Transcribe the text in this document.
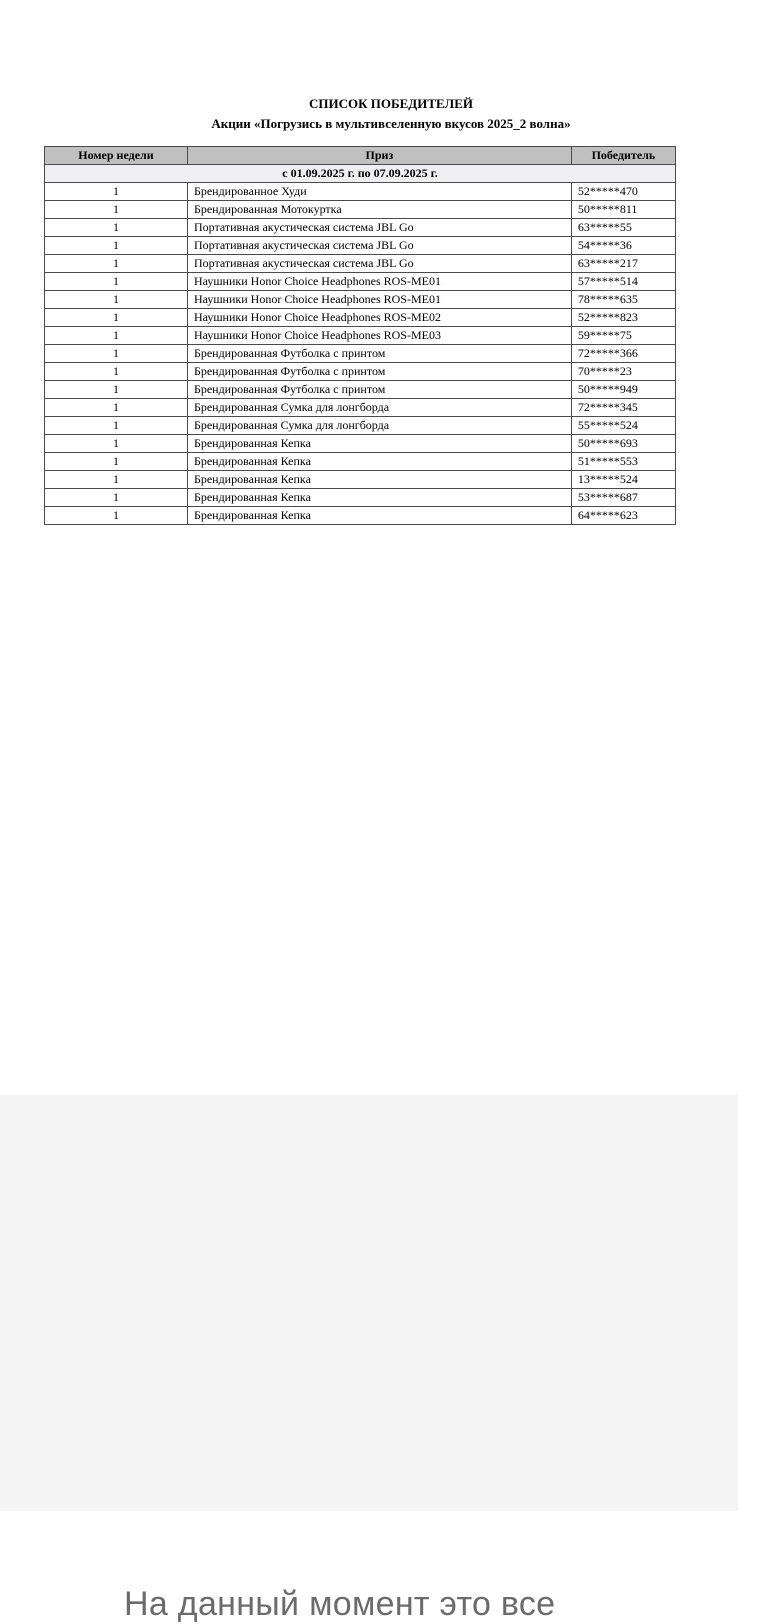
СПИСОК ПОБЕДИТЕЛЕЙ
Акции «Погрузись в мультивселенную вкусов 2025_2 волна»
Номер недели	Приз	Победитель
с 01.09.2025 г. по 07.09.2025 г.		
1	Брендированное Худи	52*****470
1	Брендированная Мотокуртка	50*****811
1	Портативная акустическая система JBL Go	63*****55
1	Портативная акустическая система JBL Go	54*****36
1	Портативная акустическая система JBL Go	63*****217
1	Наушники Honor Choice Headphones ROS-ME01	57*****514
1	Наушники Honor Choice Headphones ROS-ME01	78*****635
1	Наушники Honor Choice Headphones ROS-ME02	52*****823
1	Наушники Honor Choice Headphones ROS-ME03	59*****75
1	Брендированная Футболка с принтом	72*****366
1	Брендированная Футболка с принтом	70*****23
1	Брендированная Футболка с принтом	50*****949
1	Брендированная Сумка для лонгборда	72*****345
1	Брендированная Сумка для лонгборда	55*****524
1	Брендированная Кепка	50*****693
1	Брендированная Кепка	51*****553
1	Брендированная Кепка	13*****524
1	Брендированная Кепка	53*****687
1	Брендированная Кепка	64*****623
На данный момент это все
